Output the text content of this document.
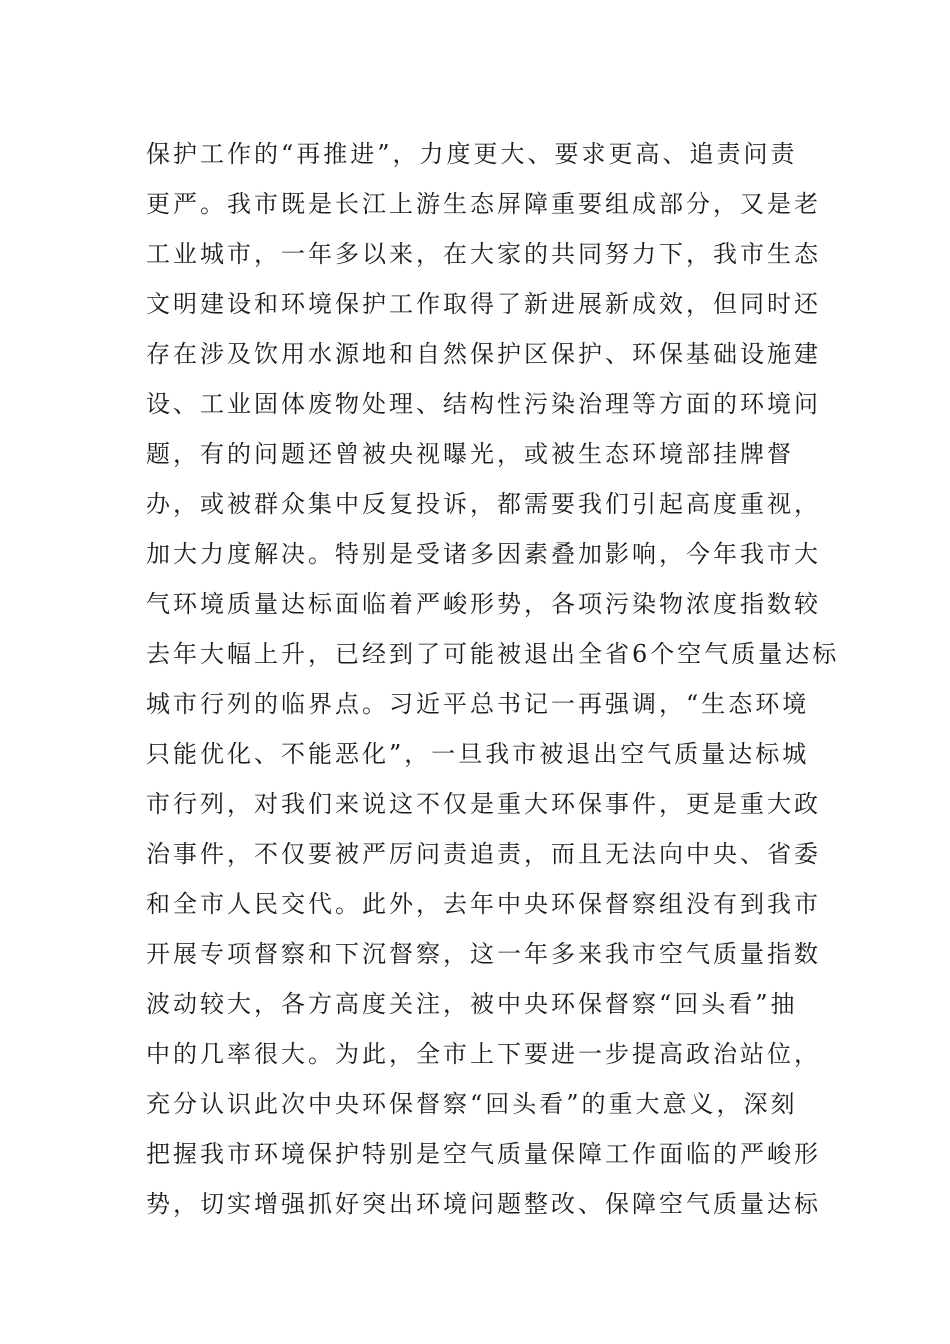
保护工作的“再推进”，力度更大、要求更高、追责问责
更严。我市既是长江上游生态屏障重要组成部分，又是老
工业城市，一年多以来，在大家的共同努力下，我市生态
文明建设和环境保护工作取得了新进展新成效，但同时还
存在涉及饮用水源地和自然保护区保护、环保基础设施建
设、工业固体废物处理、结构性污染治理等方面的环境问
题，有的问题还曾被央视曝光，或被生态环境部挂牌督
办，或被群众集中反复投诉，都需要我们引起高度重视，
加大力度解决。特别是受诸多因素叠加影响，今年我市大
气环境质量达标面临着严峻形势，各项污染物浓度指数较
去年大幅上升，已经到了可能被退出全省6个空气质量达标
城市行列的临界点。习近平总书记一再强调，“生态环境
只能优化、不能恶化”，一旦我市被退出空气质量达标城
市行列，对我们来说这不仅是重大环保事件，更是重大政
治事件，不仅要被严厉问责追责，而且无法向中央、省委
和全市人民交代。此外，去年中央环保督察组没有到我市
开展专项督察和下沉督察，这一年多来我市空气质量指数
波动较大，各方高度关注，被中央环保督察“回头看”抽
中的几率很大。为此，全市上下要进一步提高政治站位，
充分认识此次中央环保督察“回头看”的重大意义，深刻
把握我市环境保护特别是空气质量保障工作面临的严峻形
势，切实增强抓好突出环境问题整改、保障空气质量达标
